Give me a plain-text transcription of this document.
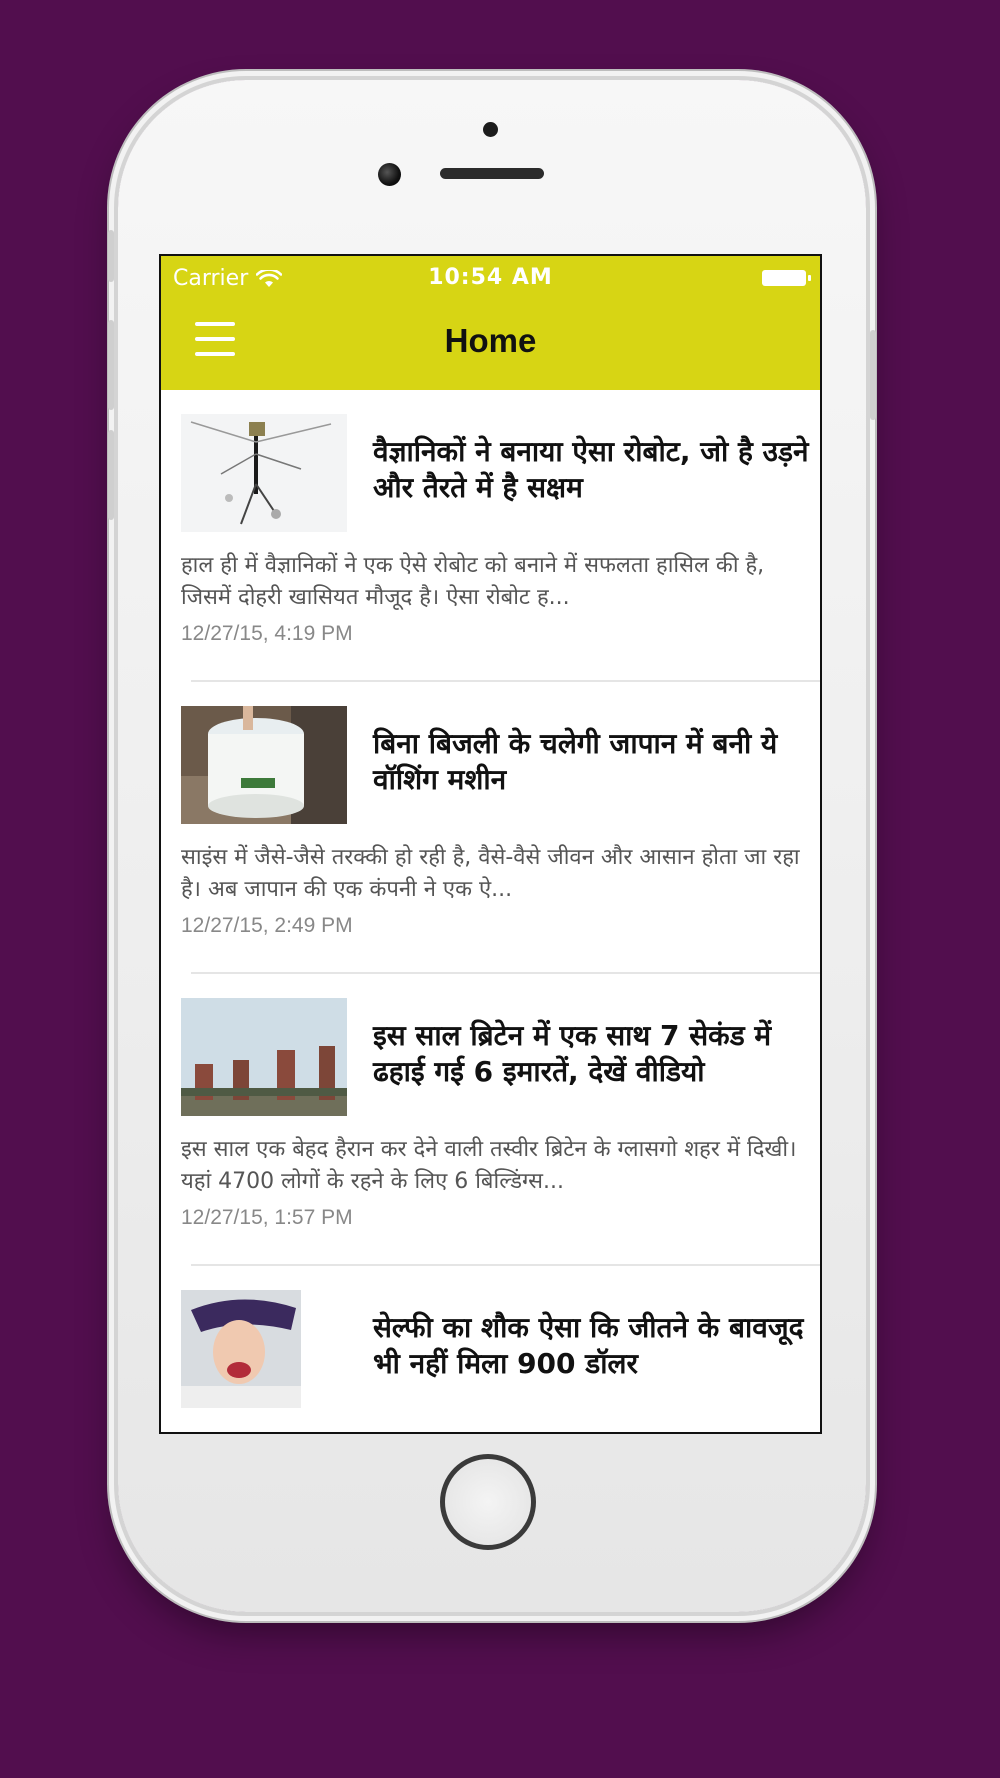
Carrier	10:54 AM
Home
वैज्ञानिकों ने बनाया ऐसा रोबोट, जो है उड़ने और तैरते में है सक्षम
हाल ही में वैज्ञानिकों ने एक ऐसे रोबोट को बनाने में सफलता हासिल की है, जिसमें दोहरी खासियत मौजूद है। ऐसा रोबोट ह...
12/27/15, 4:19 PM
बिना बिजली के चलेगी जापान में बनी ये वॉशिंग मशीन
साइंस में जैसे-जैसे तरक्की हो रही है, वैसे-वैसे जीवन और आसान होता जा रहा है। अब जापान की एक कंपनी ने एक ऐ...
12/27/15, 2:49 PM
इस साल ब्रिटेन में एक साथ 7 सेकंड में ढहाई गई 6 इमारतें, देखें वीडियो
इस साल एक बेहद हैरान कर देने वाली तस्वीर ब्रिटेन के ग्लासगो शहर में दिखी। यहां 4700 लोगों के रहने के लिए 6 बिल्डिंग्स...
12/27/15, 1:57 PM
सेल्फी का शौक ऐसा कि जीतने के बावजूद भी नहीं मिला 900 डॉलर
